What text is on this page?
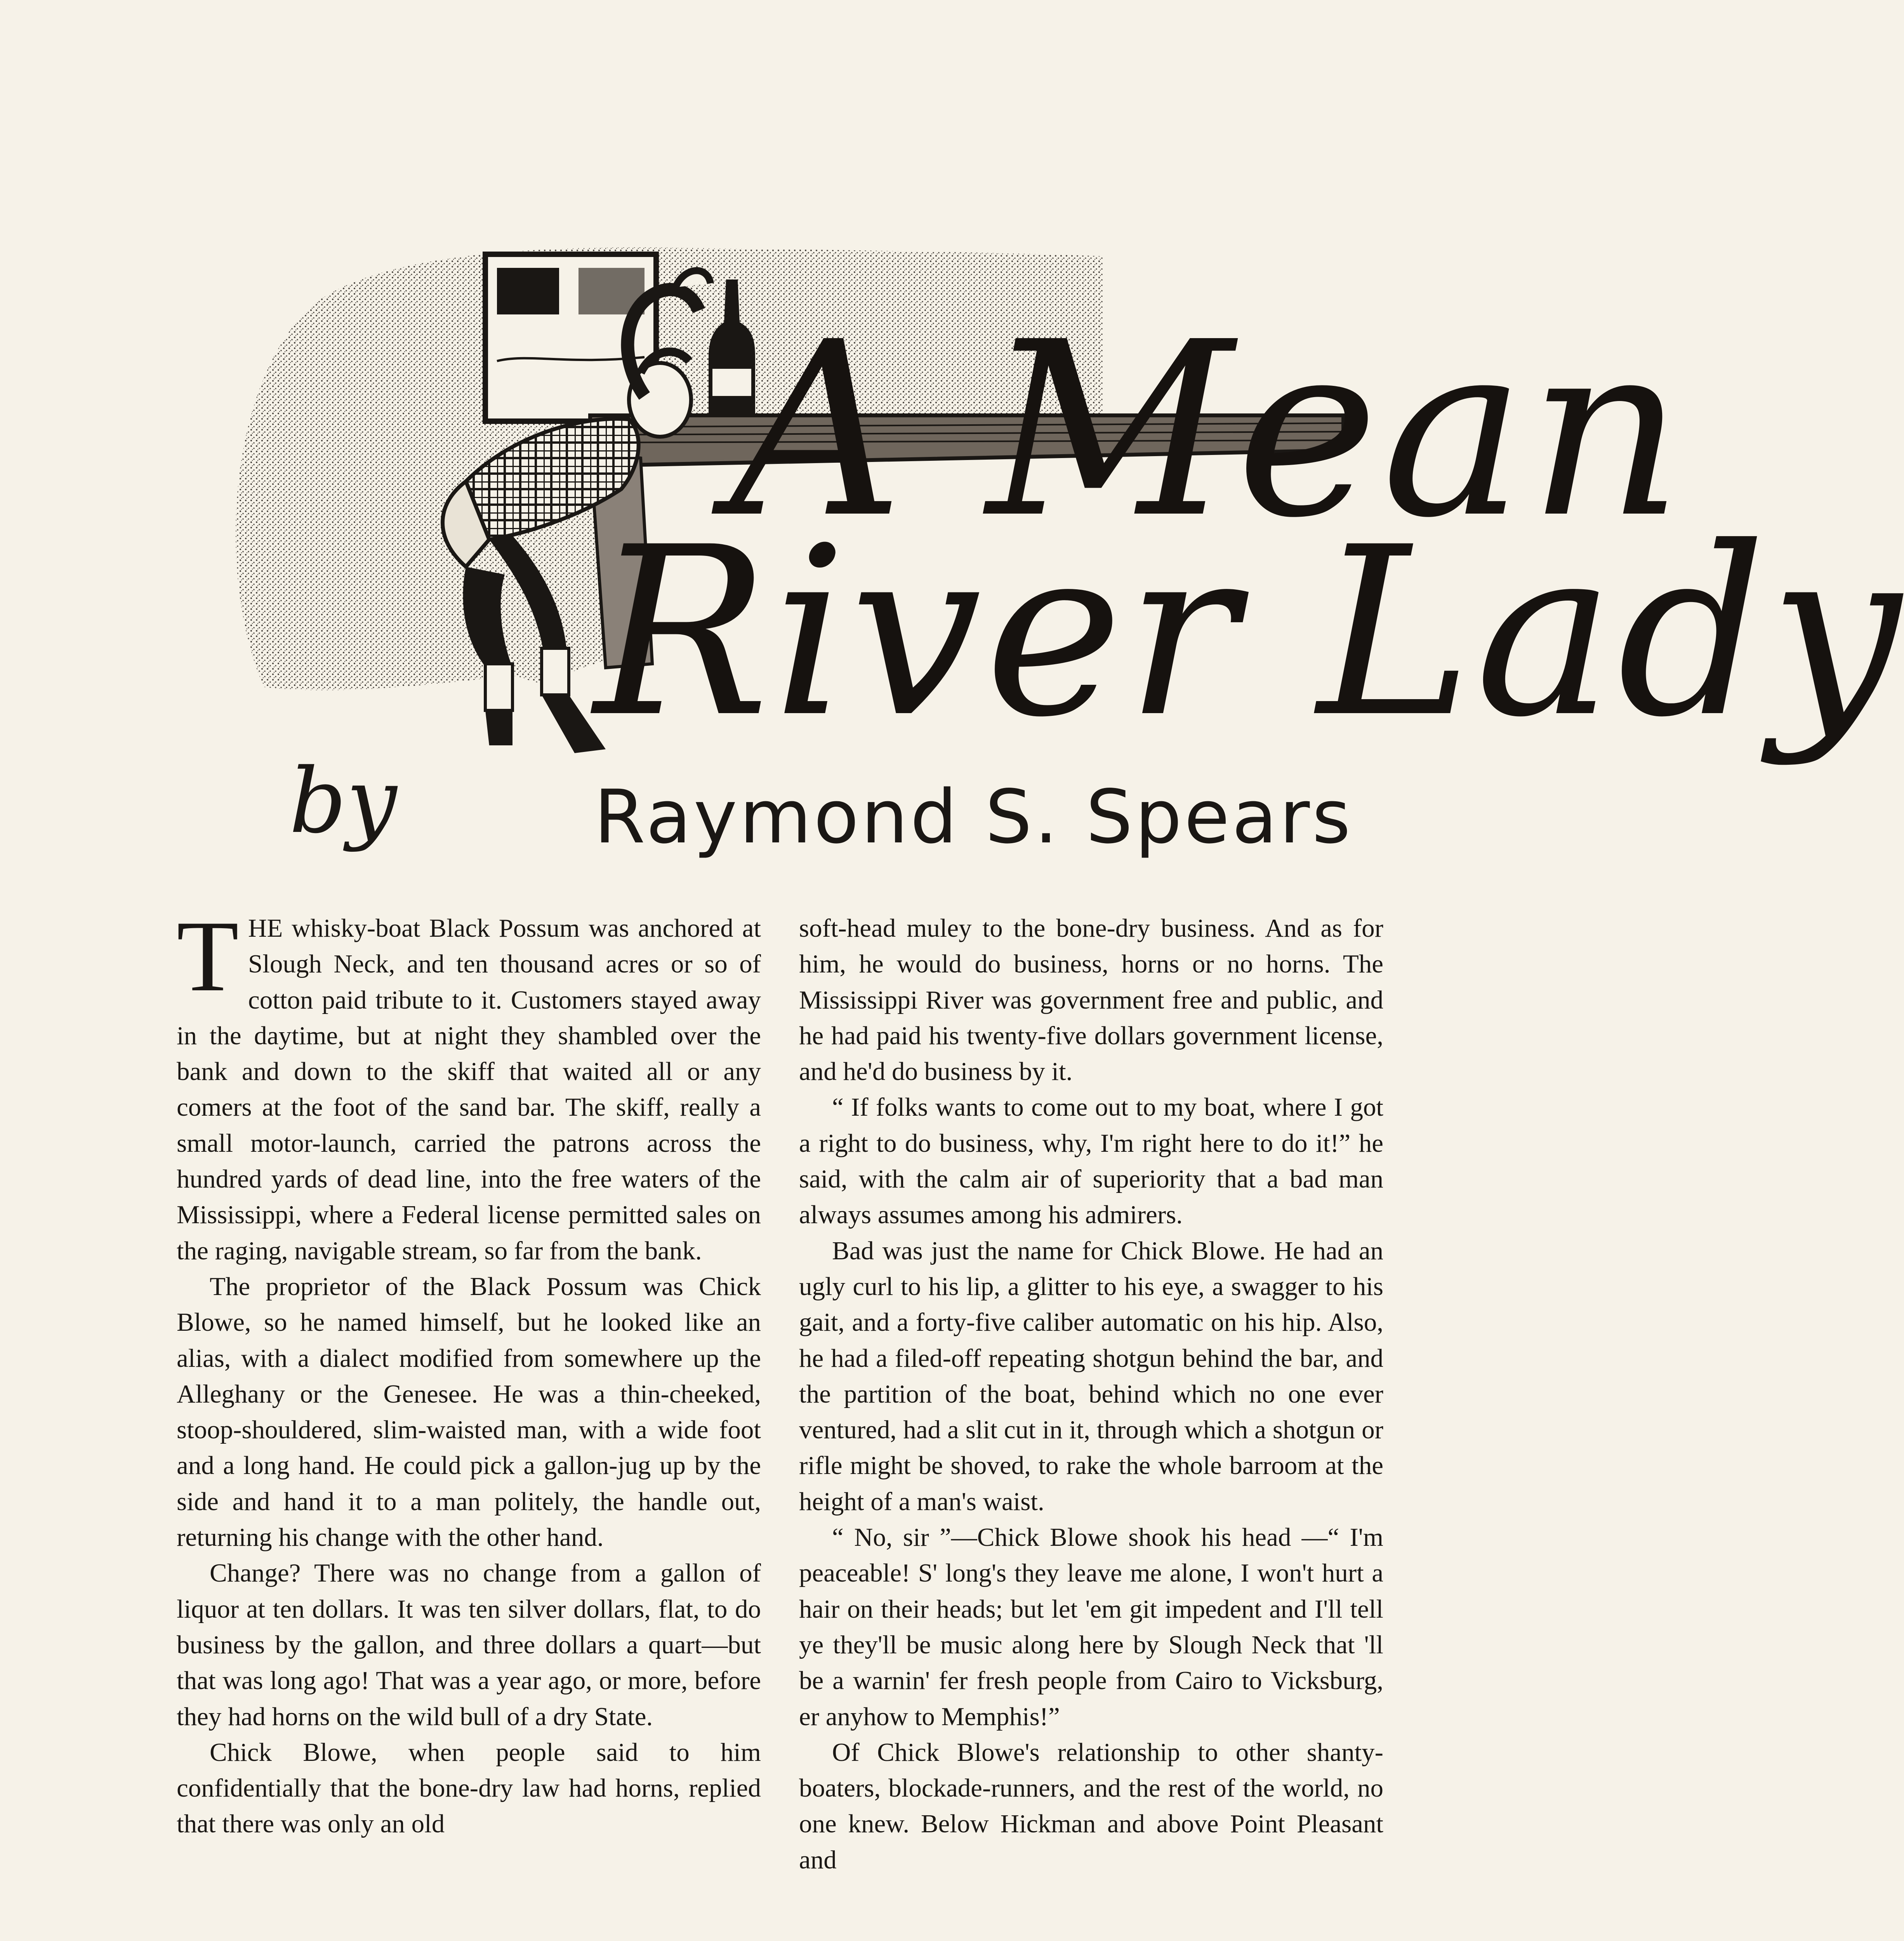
A Mean
River Lady
by	Raymond S. Spears

THE whisky-boat Black Possum was anchored at Slough Neck, and ten thousand acres or so of cotton paid tribute to it. Customers stayed away in the daytime, but at night they shambled over the bank and down to the skiff that waited all or any comers at the foot of the sand bar. The skiff, really a small motor-launch, carried the patrons across the hundred yards of dead line, into the free waters of the Mississippi, where a Federal license permitted sales on the raging, navigable stream, so far from the bank.

The proprietor of the Black Possum was Chick Blowe, so he named himself, but he looked like an alias, with a dialect modified from somewhere up the Alleghany or the Genesee. He was a thin-cheeked, stoop-shouldered, slim-waisted man, with a wide foot and a long hand. He could pick a gallon-jug up by the side and hand it to a man politely, the handle out, returning his change with the other hand.

Change? There was no change from a gallon of liquor at ten dollars. It was ten silver dollars, flat, to do business by the gallon, and three dollars a quart—but that was long ago! That was a year ago, or more, before they had horns on the wild bull of a dry State.

Chick Blowe, when people said to him confidentially that the bone-dry law had horns, replied that there was only an old

soft-head muley to the bone-dry business. And as for him, he would do business, horns or no horns. The Mississippi River was government free and public, and he had paid his twenty-five dollars government license, and he'd do business by it.

“ If folks wants to come out to my boat, where I got a right to do business, why, I'm right here to do it!” he said, with the calm air of superiority that a bad man always assumes among his admirers.

Bad was just the name for Chick Blowe. He had an ugly curl to his lip, a glitter to his eye, a swagger to his gait, and a forty-five caliber automatic on his hip. Also, he had a filed-off repeating shotgun behind the bar, and the partition of the boat, behind which no one ever ventured, had a slit cut in it, through which a shotgun or rifle might be shoved, to rake the whole barroom at the height of a man's waist.

“ No, sir ”—Chick Blowe shook his head —“ I'm peaceable! S' long's they leave me alone, I won't hurt a hair on their heads; but let 'em git impedent and I'll tell ye they'll be music along here by Slough Neck that 'll be a warnin' fer fresh people from Cairo to Vicksburg, er anyhow to Memphis!”

Of Chick Blowe's relationship to other shanty-boaters, blockade-runners, and the rest of the world, no one knew. Below Hickman and above Point Pleasant and
